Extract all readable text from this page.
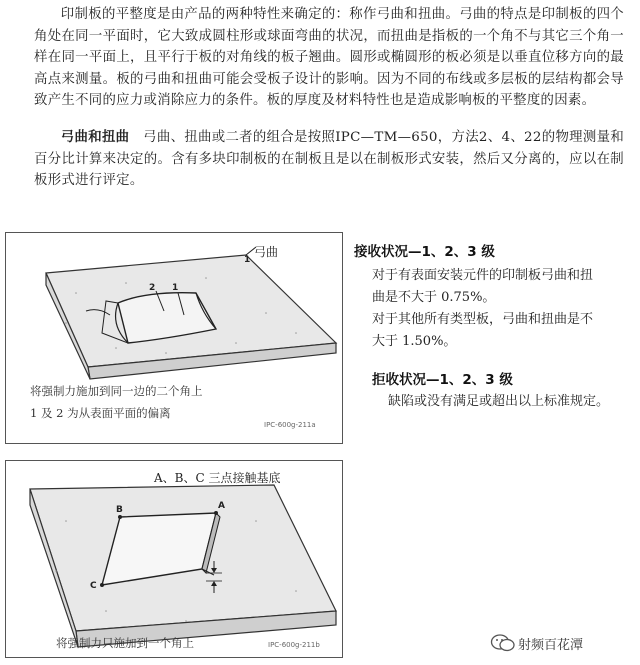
印制板的平整度是由产品的两种特性来确定的：称作弓曲和扭曲。弓曲的特点是印制板的四个角处在同一平面时，它大致成圆柱形或球面弯曲的状况，而扭曲是指板的一个角不与其它三个角一样在同一平面上，且平行于板的对角线的板子翘曲。圆形或椭圆形的板必须是以垂直位移方向的最高点来测量。板的弓曲和扭曲可能会受板子设计的影响。因为不同的布线或多层板的层结构都会导致产生不同的应力或消除应力的条件。板的厚度及材料特性也是造成影响板的平整度的因素。
弓曲和扭曲　 弓曲、扭曲或二者的组合是按照IPC—TM—650，方法2、4、22的物理测量和百分比计算来决定的。含有多块印制板的在制板且是以在制板形式安装，然后又分离的，应以在制板形式进行评定。
弓曲
1
2 1
将强制力施加到同一边的二个角上
1 及 2 为从表面平面的偏离
IPC-600g-211a
A、B、C 三点接触基底
B	A
C
将强制力只施加到一个角上	IPC-600g-211b
接收状况—1、2、3 级
对于有表面安装元件的印制板弓曲和扭
曲是不大于 0.75%。
对于其他所有类型板，弓曲和扭曲是不
大于 1.50%。
拒收状况—1、2、3 级
缺陷或没有满足或超出以上标准规定。
射频百花潭
